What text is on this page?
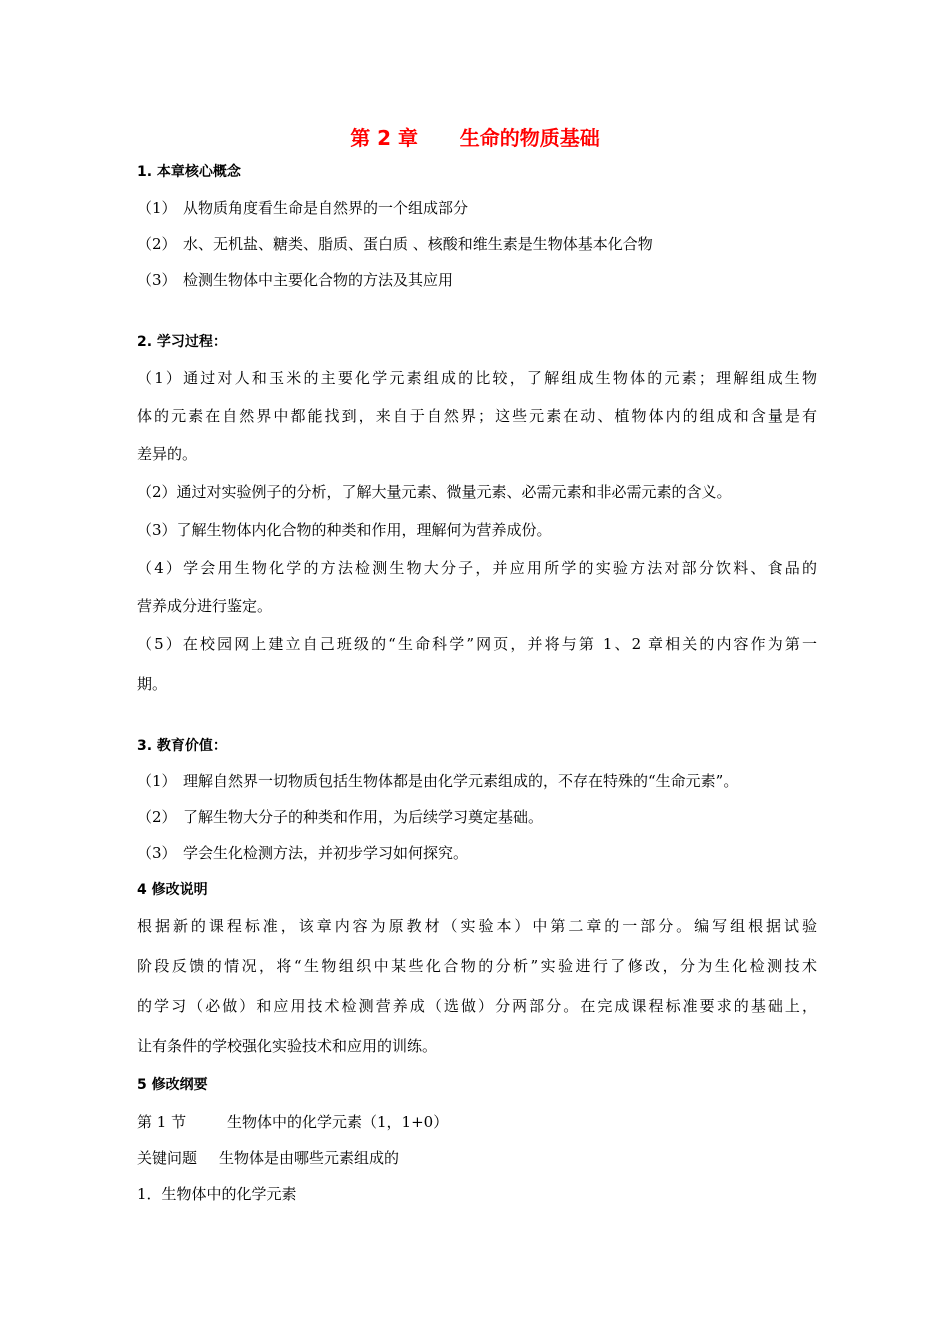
第 2 章      生命的物质基础
1. 本章核心概念
（1） 从物质角度看生命是自然界的一个组成部分
（2） 水、无机盐、糖类、脂质、蛋白质 、核酸和维生素是生物体基本化合物
（3） 检测生物体中主要化合物的方法及其应用
2. 学习过程：
（1）通过对人和玉米的主要化学元素组成的比较，了解组成生物体的元素；理解组成生物
体的元素在自然界中都能找到，来自于自然界；这些元素在动、植物体内的组成和含量是有
差异的。
（2）通过对实验例子的分析，了解大量元素、微量元素、必需元素和非必需元素的含义。
（3）了解生物体内化合物的种类和作用，理解何为营养成份。
（4）学会用生物化学的方法检测生物大分子，并应用所学的实验方法对部分饮料、食品的
营养成分进行鉴定。
（5）在校园网上建立自己班级的“生命科学”网页，并将与第 1、2 章相关的内容作为第一
期。
3. 教育价值：
（1） 理解自然界一切物质包括生物体都是由化学元素组成的，不存在特殊的“生命元素”。
（2） 了解生物大分子的种类和作用，为后续学习奠定基础。
（3） 学会生化检测方法，并初步学习如何探究。
4 修改说明
根据新的课程标准，该章内容为原教材（实验本）中第二章的一部分。编写组根据试验
阶段反馈的情况，将“生物组织中某些化合物的分析”实验进行了修改，分为生化检测技术
的学习（必做）和应用技术检测营养成（选做）分两部分。在完成课程标准要求的基础上，
让有条件的学校强化实验技术和应用的训练。
5 修改纲要
第 1 节	生物体中的化学元素（1，1+0）
关键问题 生物体是由哪些元素组成的
1．生物体中的化学元素
